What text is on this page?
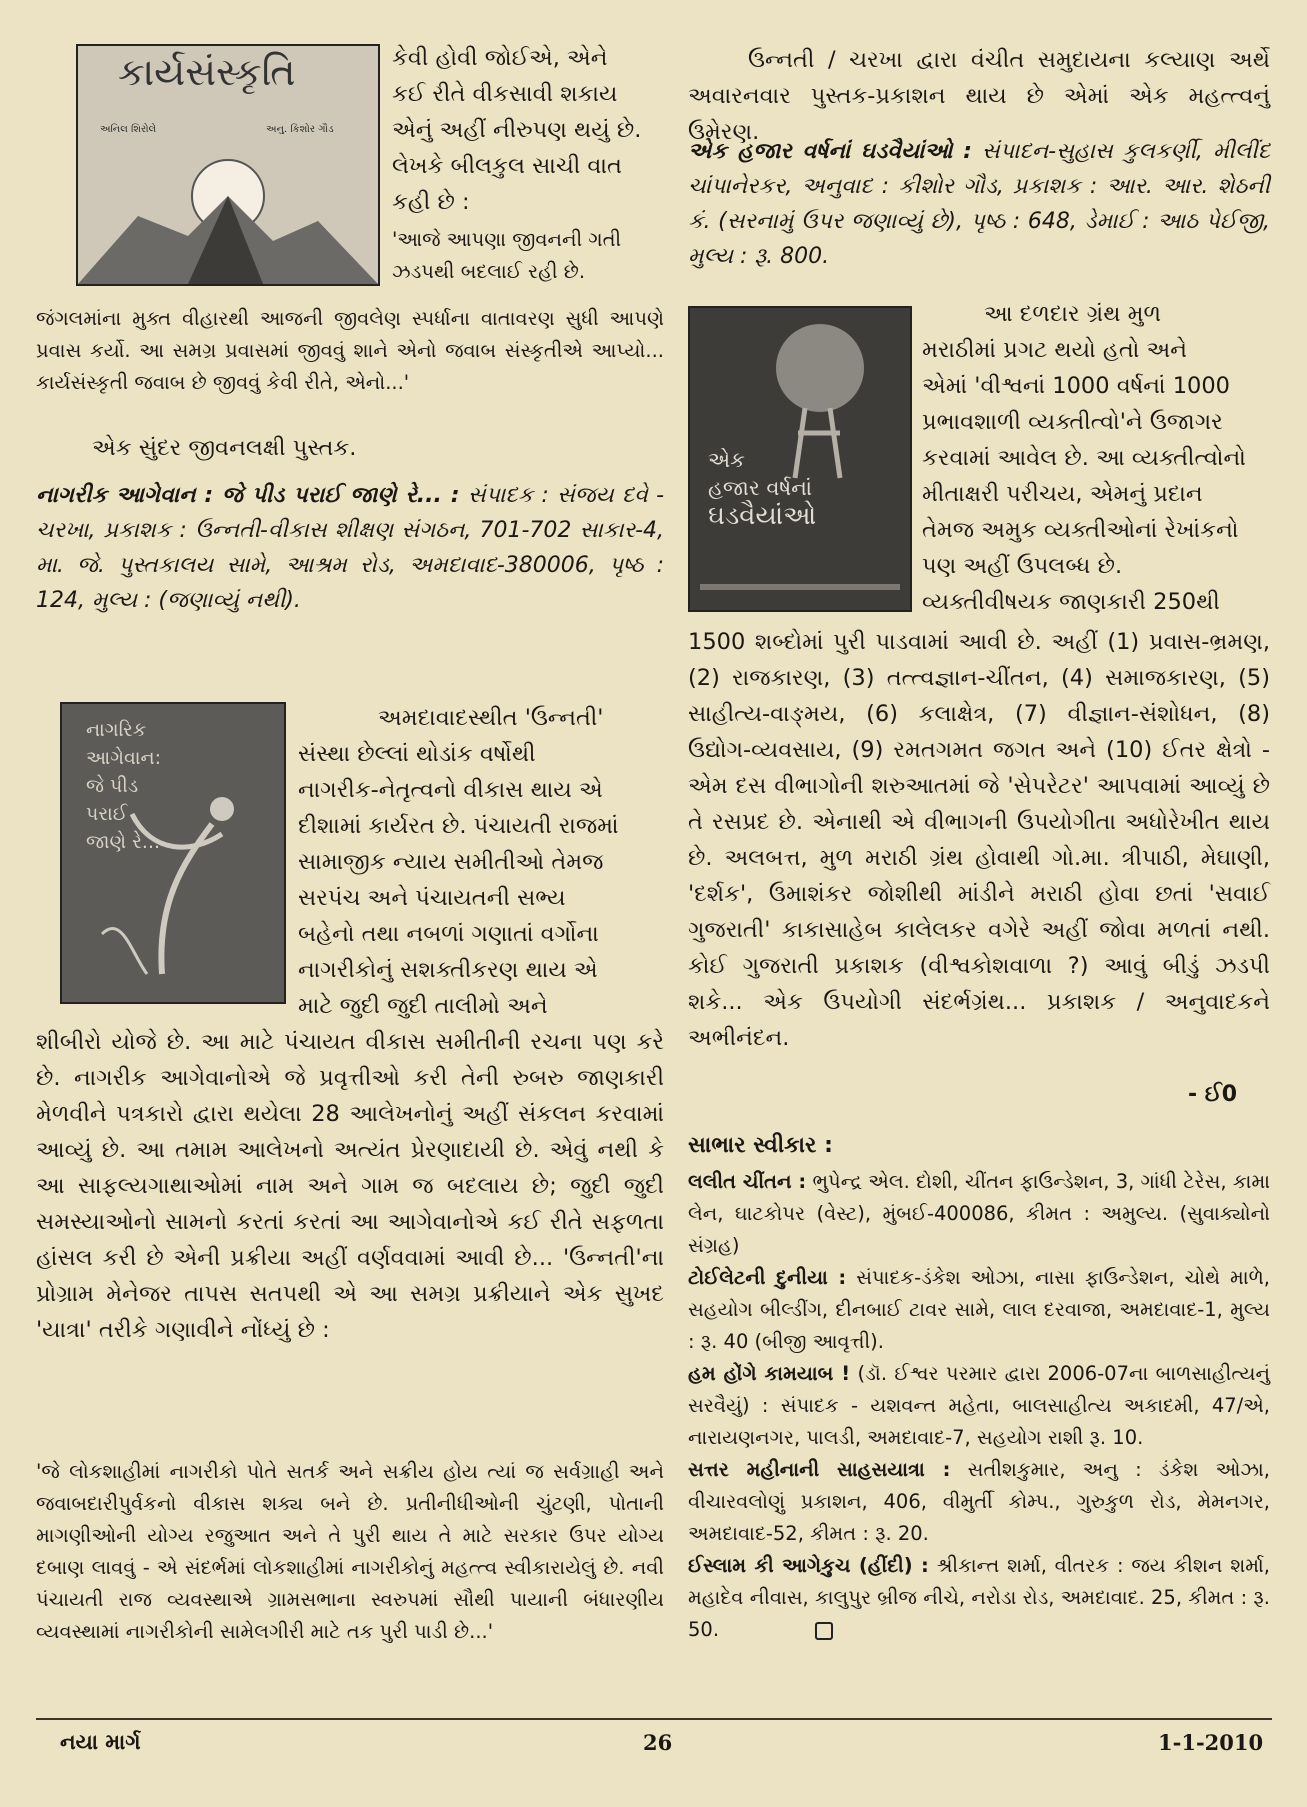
કાર્યસંસ્કૃતિ
અનિલ શિરોલે	અનુ. કિશોર ગૌડ

કેવી હોવી જોઈએ, એને

કઈ રીતે વીકસાવી શકાય

એનું અહીં નીરુપણ થયું છે.

લેખકે બીલકુલ સાચી વાત

કહી છે :

'આજે આપણા જીવનની ગતી

ઝડપથી બદલાઈ રહી છે.

જંગલમાંના મુક્ત વીહારથી આજની જીવલેણ સ્પર્ધાના વાતાવરણ સુધી આપણે પ્રવાસ કર્યો. આ સમગ્ર પ્રવાસમાં જીવવું શાને એનો જવાબ સંસ્કૃતીએ આપ્યો... કાર્યસંસ્કૃતી જવાબ છે જીવવું કેવી રીતે, એનો...'

એક સુંદર જીવનલક્ષી પુસ્તક.

નાગરીક આગેવાન : જે પીડ પરાઈ જાણે રે... : સંપાદક : સંજય દવે - ચરખા, પ્રકાશક : ઉન્નતી-વીકાસ શીક્ષણ સંગઠન, 701-702 સાકાર-4, મા. જે. પુસ્તકાલય સામે, આશ્રમ રોડ, અમદાવાદ-380006, પૃષ્ઠ : 124, મુલ્ય : (જણાવ્યું નથી).

નાગરિક
આગેવાન:
જે પીડ
પરાઈ
જાણે રે...

અમદાવાદસ્થીત 'ઉન્નતી'

સંસ્થા છેલ્લાં થોડાંક વર્ષોથી

નાગરીક-નેતૃત્વનો વીકાસ થાય એ

દીશામાં કાર્યરત છે. પંચાયતી રાજમાં

સામાજીક ન્યાય સમીતીઓ તેમજ

સરપંચ અને પંચાયતની સભ્ય

બહેનો તથા નબળાં ગણાતાં વર્ગોના

નાગરીકોનું સશક્તીકરણ થાય એ

માટે જુદી જુદી તાલીમો અને

શીબીરો યોજે છે. આ માટે પંચાયત વીકાસ સમીતીની રચના પણ કરે છે. નાગરીક આગેવાનોએ જે પ્રવૃત્તીઓ કરી તેની રુબરુ જાણકારી મેળવીને પત્રકારો દ્વારા થયેલા 28 આલેખનોનું અહીં સંકલન કરવામાં આવ્યું છે. આ તમામ આલેખનો અત્યંત પ્રેરણાદાયી છે. એવું નથી કે આ સાફલ્યગાથાઓમાં નામ અને ગામ જ બદલાય છે; જુદી જુદી સમસ્યાઓનો સામનો કરતાં કરતાં આ આગેવાનોએ કઈ રીતે સફળતા હાંસલ કરી છે એની પ્રક્રીયા અહીં વર્ણવવામાં આવી છે... 'ઉન્નતી'ના પ્રોગ્રામ મેનેજર તાપસ સતપથી એ આ સમગ્ર પ્રક્રીયાને એક સુખદ 'યાત્રા' તરીકે ગણાવીને નોંધ્યું છે :

'જે લોકશાહીમાં નાગરીકો પોતે સતર્ક અને સક્રીય હોય ત્યાં જ સર્વગ્રાહી અને જવાબદારીપુર્વકનો વીકાસ શક્ય બને છે. પ્રતીનીધીઓની ચુંટણી, પોતાની માગણીઓની યોગ્ય રજુઆત અને તે પુરી થાય તે માટે સરકાર ઉપર યોગ્ય દબાણ લાવવું - એ સંદર્ભમાં લોકશાહીમાં નાગરીકોનું મહત્ત્વ સ્વીકારાયેલું છે. નવી પંચાયતી રાજ વ્યવસ્થાએ ગ્રામસભાના સ્વરુપમાં સૌથી પાયાની બંધારણીય વ્યવસ્થામાં નાગરીકોની સામેલગીરી માટે તક પુરી પાડી છે...'

ઉન્નતી / ચરખા દ્વારા વંચીત સમુદાયના કલ્યાણ અર્થે અવારનવાર પુસ્તક-પ્રકાશન થાય છે એમાં એક મહત્ત્વનું ઉમેરણ.

એક હજાર વર્ષનાં ઘડવૈયાંઓ : સંપાદન-સુહાસ કુલકર્ણી, મીલીંદ ચાંપાનેરકર, અનુવાદ : કીશોર ગૌડ, પ્રકાશક : આર. આર. શેઠની કં. (સરનામું ઉપર જણાવ્યું છે), પૃષ્ઠ : 648, ડેમાઈ : આઠ પેઈજી, મુલ્ય : રૂ. 800.

એક
હજાર વર્ષનાં
ઘડવૈયાંઓ

આ દળદાર ગ્રંથ મુળ

મરાઠીમાં પ્રગટ થયો હતો અને

એમાં 'વીશ્વનાં 1000 વર્ષનાં 1000

પ્રભાવશાળી વ્યક્તીત્વો'ને ઉજાગર

કરવામાં આવેલ છે. આ વ્યક્તીત્વોનો

મીતાક્ષરી પરીચય, એમનું પ્રદાન

તેમજ અમુક વ્યક્તીઓનાં રેખાંકનો

પણ અહીં ઉપલબ્ધ છે.

વ્યક્તીવીષયક જાણકારી 250થી

1500 શબ્દોમાં પુરી પાડવામાં આવી છે. અહીં (1) પ્રવાસ-ભ્રમણ, (2) રાજકારણ, (3) તત્ત્વજ્ઞાન-ચીંતન, (4) સમાજકારણ, (5) સાહીત્ય-વાઙ્મય, (6) કલાક્ષેત્ર, (7) વીજ્ઞાન-સંશોધન, (8) ઉદ્યોગ-વ્યવસાય, (9) રમતગમત જગત અને (10) ઈતર ક્ષેત્રો - એમ દસ વીભાગોની શરુઆતમાં જે 'સેપરેટર' આપવામાં આવ્યું છે તે રસપ્રદ છે. એનાથી એ વીભાગની ઉપયોગીતા અધોરેખીત થાય છે. અલબત્ત, મુળ મરાઠી ગ્રંથ હોવાથી ગો.મા. ત્રીપાઠી, મેઘાણી, 'દર્શક', ઉમાશંકર જોશીથી માંડીને મરાઠી હોવા છતાં 'સવાઈ ગુજરાતી' કાકાસાહેબ કાલેલકર વગેરે અહીં જોવા મળતાં નથી. કોઈ ગુજરાતી પ્રકાશક (વીશ્વકોશવાળા ?) આવું બીડું ઝડપી શકે... એક ઉપયોગી સંદર્ભગ્રંથ... પ્રકાશક / અનુવાદકને અભીનંદન.

- ઈ0
સાભાર સ્વીકાર :

લલીત ચીંતન : ભુપેન્દ્ર એલ. દોશી, ચીંતન ફાઉન્ડેશન, 3, ગાંધી ટેરેસ, કામા લેન, ઘાટકોપર (વેસ્ટ), મુંબઈ-400086, કીમત : અમુલ્ય. (સુવાક્યોનો સંગ્રહ)

ટોઈલેટની દુનીયા : સંપાદક-ડંકેશ ઓઝા, નાસા ફાઉન્ડેશન, ચોથે માળે, સહયોગ બીલ્ડીંગ, દીનબાઈ ટાવર સામે, લાલ દરવાજા, અમદાવાદ-1, મુલ્ય : રૂ. 40 (બીજી આવૃત્તી).

હમ હોંગે કામયાબ ! (ડૉ. ઈશ્વર પરમાર દ્વારા 2006-07ના બાળસાહીત્યનું સરવૈયું) : સંપાદક - યશવન્ત મહેતા, બાલસાહીત્ય અકાદમી, 47/એ, નારાયણનગર, પાલડી, અમદાવાદ-7, સહયોગ રાશી રૂ. 10.

સત્તર મહીનાની સાહસયાત્રા : સતીશકુમાર, અનુ : ડંકેશ ઓઝા, વીચારવલોણું પ્રકાશન, 406, વીમુર્તી કોમ્પ., ગુરુકુળ રોડ, મેમનગર, અમદાવાદ-52, કીમત : રૂ. 20.

ઈસ્લામ કી આગેકુચ (હીંદી) : શ્રીકાન્ત શર્મા, વીતરક : જય કીશન શર્મા, મહાદેવ નીવાસ, કાલુપુર બ્રીજ નીચે, નરોડા રોડ, અમદાવાદ. 25, કીમત : રૂ. 50.

નયા માર્ગ	26	1-1-2010
